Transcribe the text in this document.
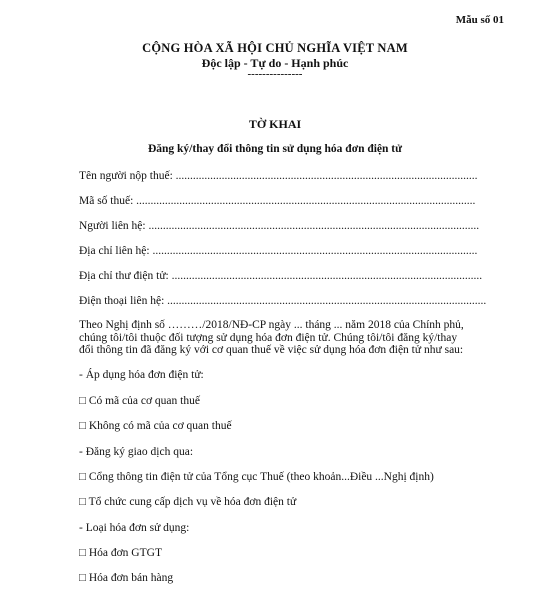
Mẫu số 01
CỘNG HÒA XÃ HỘI CHỦ NGHĨA VIỆT NAM
Độc lập - Tự do - Hạnh phúc
---------------
TỜ KHAI
Đăng ký/thay đổi thông tin sử dụng hóa đơn điện tử
Tên người nộp thuế: .........................................................................................................
Mã số thuế: ......................................................................................................................
Người liên hệ: ...................................................................................................................
Địa chỉ liên hệ: .................................................................................................................
Địa chỉ thư điện tử: ............................................................................................................
Điện thoại liên hệ: ...............................................................................................................
Theo Nghị định số ………/2018/NĐ-CP ngày ... tháng ... năm 2018 của Chính phủ, chúng tôi/tôi thuộc đối tượng sử dụng hóa đơn điện tử. Chúng tôi/tôi đăng ký/thay đổi thông tin đã đăng ký với cơ quan thuế về việc sử dụng hóa đơn điện tử như sau:
- Áp dụng hóa đơn điện tử:
□ Có mã của cơ quan thuế
□ Không có mã của cơ quan thuế
- Đăng ký giao dịch qua:
□ Cổng thông tin điện tử của Tổng cục Thuế (theo khoản...Điều ...Nghị định)
□ Tổ chức cung cấp dịch vụ về hóa đơn điện tử
- Loại hóa đơn sử dụng:
□ Hóa đơn GTGT
□ Hóa đơn bán hàng
